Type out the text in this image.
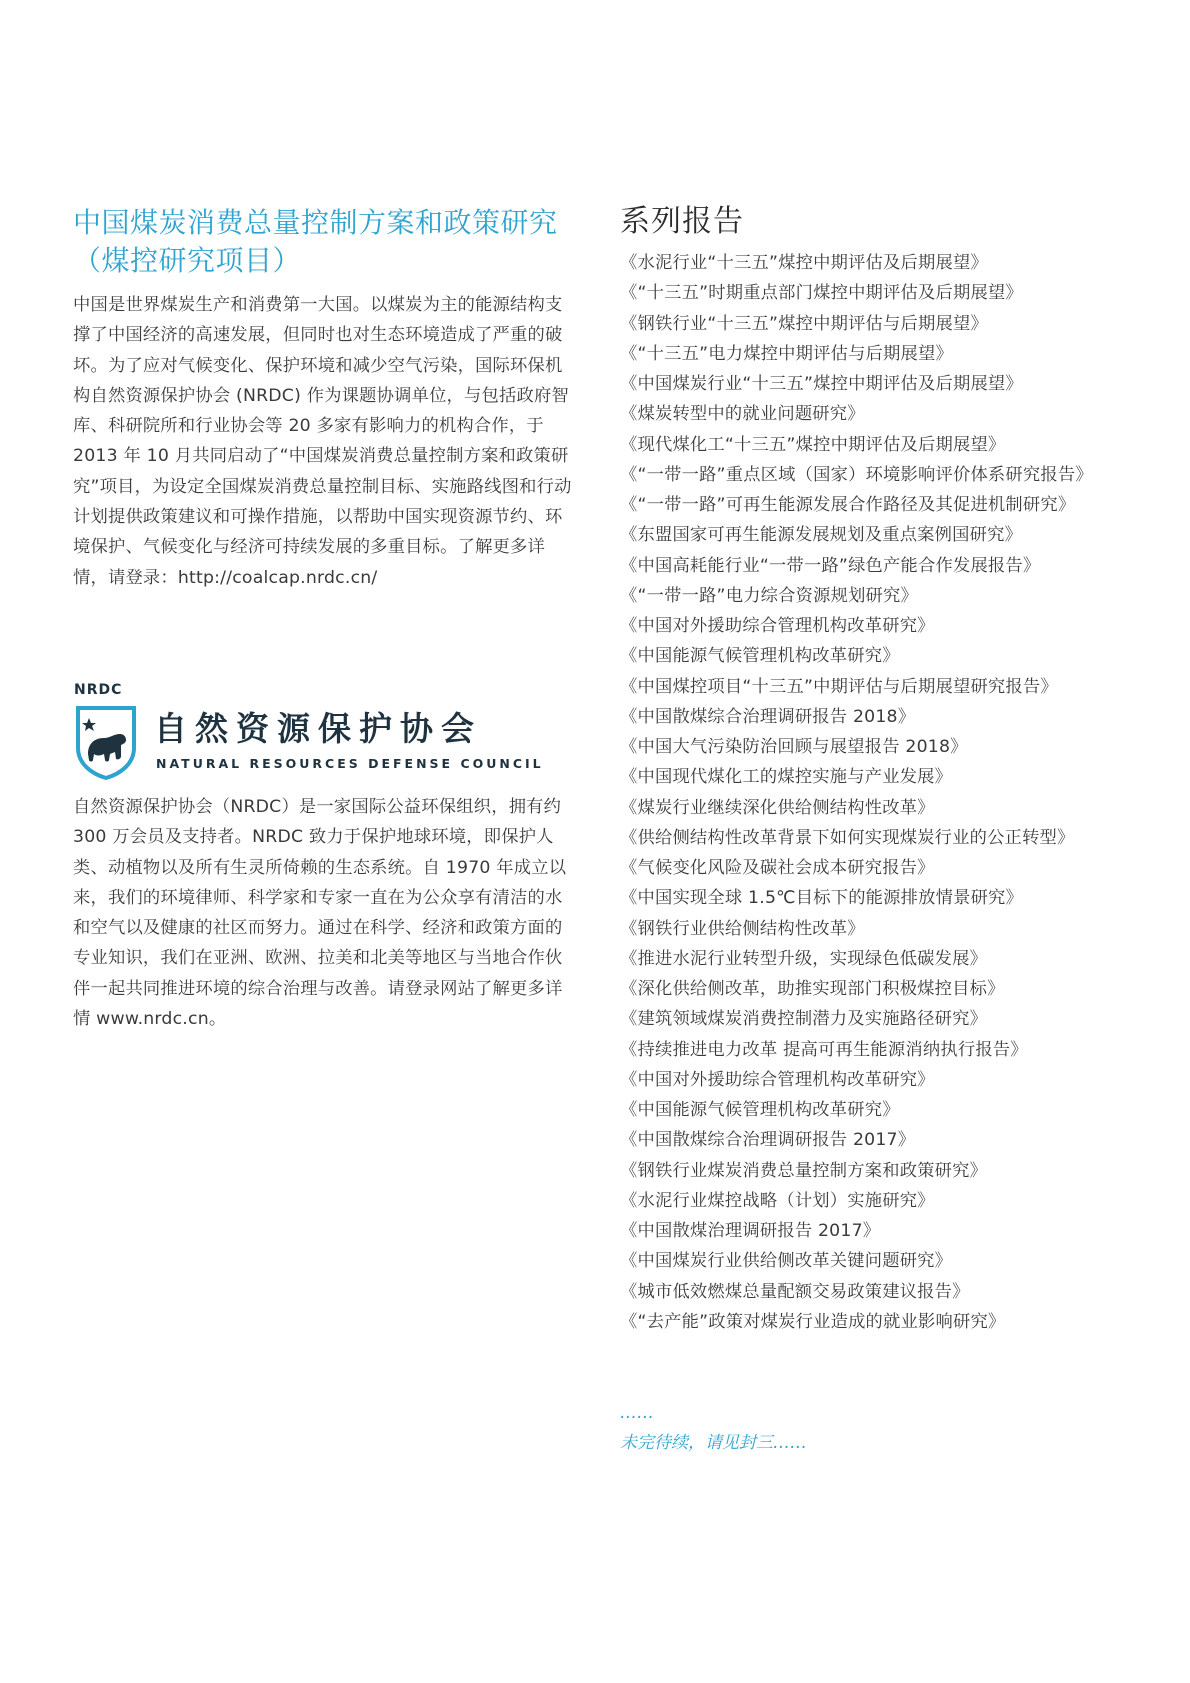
中国煤炭消费总量控制方案和政策研究
（煤控研究项目）

中国是世界煤炭生产和消费第一大国。以煤炭为主的能源结构支撑了中国经济的高速发展，但同时也对生态环境造成了严重的破坏。为了应对气候变化、保护环境和减少空气污染，国际环保机构自然资源保护协会 (NRDC) 作为课题协调单位，与包括政府智库、科研院所和行业协会等 20 多家有影响力的机构合作，于 2013 年 10 月共同启动了“中国煤炭消费总量控制方案和政策研究”项目，为设定全国煤炭消费总量控制目标、实施路线图和行动计划提供政策建议和可操作措施，以帮助中国实现资源节约、环境保护、气候变化与经济可持续发展的多重目标。了解更多详情，请登录：http://coalcap.nrdc.cn/

NRDC
自然资源保护协会
NATURAL RESOURCES DEFENSE COUNCIL

自然资源保护协会（NRDC）是一家国际公益环保组织，拥有约 300 万会员及支持者。NRDC 致力于保护地球环境，即保护人类、动植物以及所有生灵所倚赖的生态系统。自 1970 年成立以来，我们的环境律师、科学家和专家一直在为公众享有清洁的水和空气以及健康的社区而努力。通过在科学、经济和政策方面的专业知识，我们在亚洲、欧洲、拉美和北美等地区与当地合作伙伴一起共同推进环境的综合治理与改善。请登录网站了解更多详情 www.nrdc.cn。

系列报告
《水泥行业“十三五”煤控中期评估及后期展望》
《“十三五”时期重点部门煤控中期评估及后期展望》
《钢铁行业“十三五”煤控中期评估与后期展望》
《“十三五”电力煤控中期评估与后期展望》
《中国煤炭行业“十三五”煤控中期评估及后期展望》
《煤炭转型中的就业问题研究》
《现代煤化工“十三五”煤控中期评估及后期展望》
《“一带一路”重点区域（国家）环境影响评价体系研究报告》
《“一带一路”可再生能源发展合作路径及其促进机制研究》
《东盟国家可再生能源发展规划及重点案例国研究》
《中国高耗能行业“一带一路”绿色产能合作发展报告》
《“一带一路”电力综合资源规划研究》
《中国对外援助综合管理机构改革研究》
《中国能源气候管理机构改革研究》
《中国煤控项目“十三五”中期评估与后期展望研究报告》
《中国散煤综合治理调研报告 2018》
《中国大气污染防治回顾与展望报告 2018》
《中国现代煤化工的煤控实施与产业发展》
《煤炭行业继续深化供给侧结构性改革》
《供给侧结构性改革背景下如何实现煤炭行业的公正转型》
《气候变化风险及碳社会成本研究报告》
《中国实现全球 1.5℃目标下的能源排放情景研究》
《钢铁行业供给侧结构性改革》
《推进水泥行业转型升级，实现绿色低碳发展》
《深化供给侧改革，助推实现部门积极煤控目标》
《建筑领域煤炭消费控制潜力及实施路径研究》
《持续推进电力改革 提高可再生能源消纳执行报告》
《中国对外援助综合管理机构改革研究》
《中国能源气候管理机构改革研究》
《中国散煤综合治理调研报告 2017》
《钢铁行业煤炭消费总量控制方案和政策研究》
《水泥行业煤控战略（计划）实施研究》
《中国散煤治理调研报告 2017》
《中国煤炭行业供给侧改革关键问题研究》
《城市低效燃煤总量配额交易政策建议报告》
《“去产能”政策对煤炭行业造成的就业影响研究》
……
未完待续，请见封三……
